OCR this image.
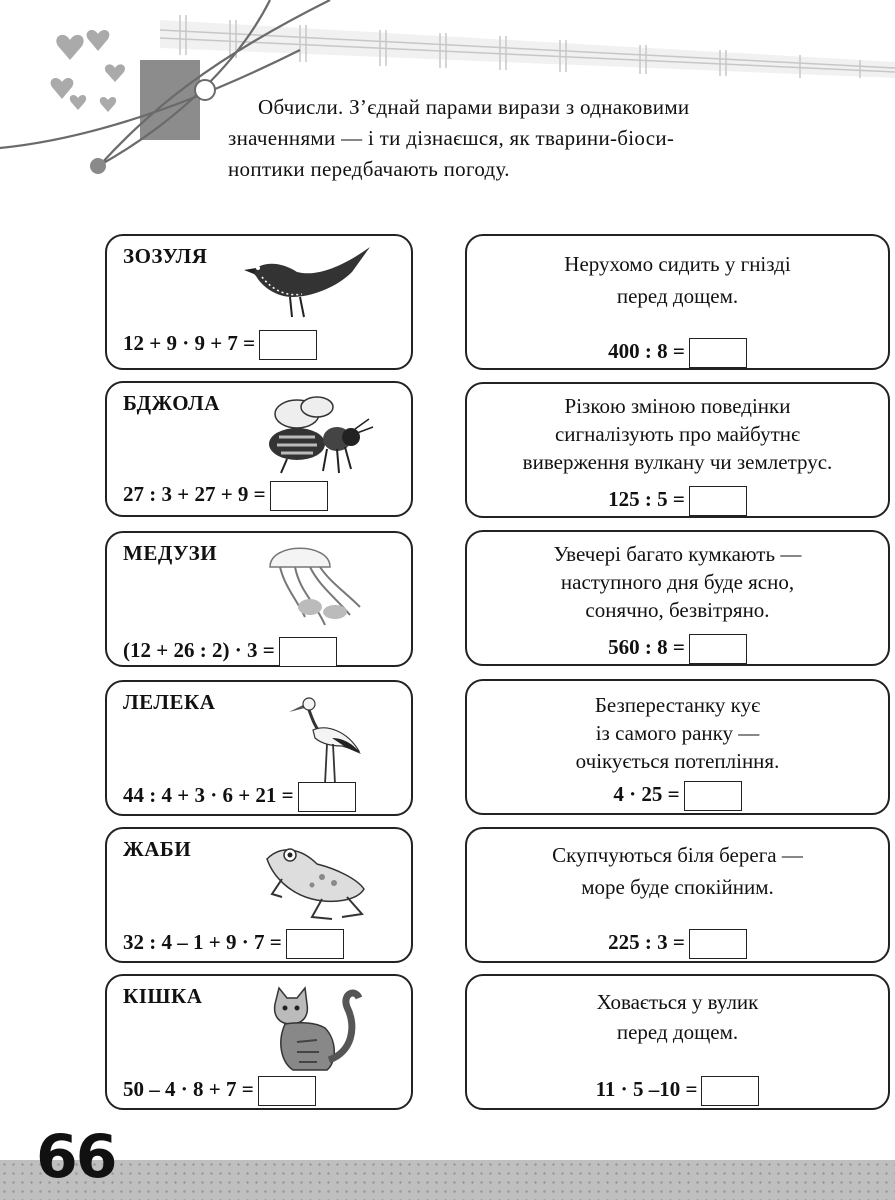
Обчисли. З’єднай парами вирази з однаковими
значеннями — і ти дізнаєшся, як тварини-біоси-
ноптики передбачають погоду.
ЗОЗУЛЯ
12 + 9 · 9 + 7 =
БДЖОЛА
27 : 3 + 27 + 9 =
МЕДУЗИ
(12 + 26 : 2) · 3 =
ЛЕЛЕКА
44 : 4 + 3 · 6 + 21 =
ЖАБИ
32 : 4 – 1 + 9 · 7 =
КІШКА
50 – 4 · 8 + 7 =
Нерухомо сидить у гнізді
перед дощем.
400 : 8 =
Різкою зміною поведінки
сигналізують про майбутнє
виверження вулкану чи землетрус.
125 : 5 =
Увечері багато кумкають —
наступного дня буде ясно,
сонячно, безвітряно.
560 : 8 =
Безперестанку кує
із самого ранку —
очікується потепління.
4 · 25 =
Скупчуються біля берега —
море буде спокійним.
225 : 3 =
Ховається у вулик
перед дощем.
11 · 5 –10 =
66
